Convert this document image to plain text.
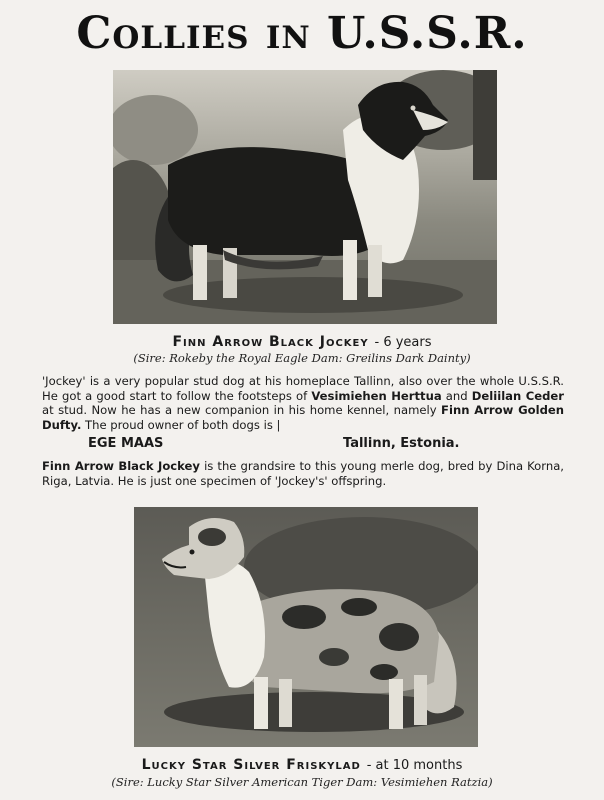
Collies in U.S.S.R.
Finn Arrow Black Jockey - 6 years
(Sire: Rokeby the Royal Eagle Dam: Greilins Dark Dainty)
'Jockey' is a very popular stud dog at his homeplace Tallinn, also over the whole U.S.S.R. He got a good start to follow the footsteps of Vesimiehen Herttua and Deliilan Ceder at stud. Now he has a new companion in his home kennel, namely Finn Arrow Golden Dufty. The proud owner of both dogs is |
EGE MAAS	Tallinn, Estonia.
Finn Arrow Black Jockey is the grandsire to this young merle dog, bred by Dina Korna, Riga, Latvia. He is just one specimen of 'Jockey's' offspring.
Lucky Star Silver Friskylad - at 10 months
(Sire: Lucky Star Silver American Tiger Dam: Vesimiehen Ratzia)
